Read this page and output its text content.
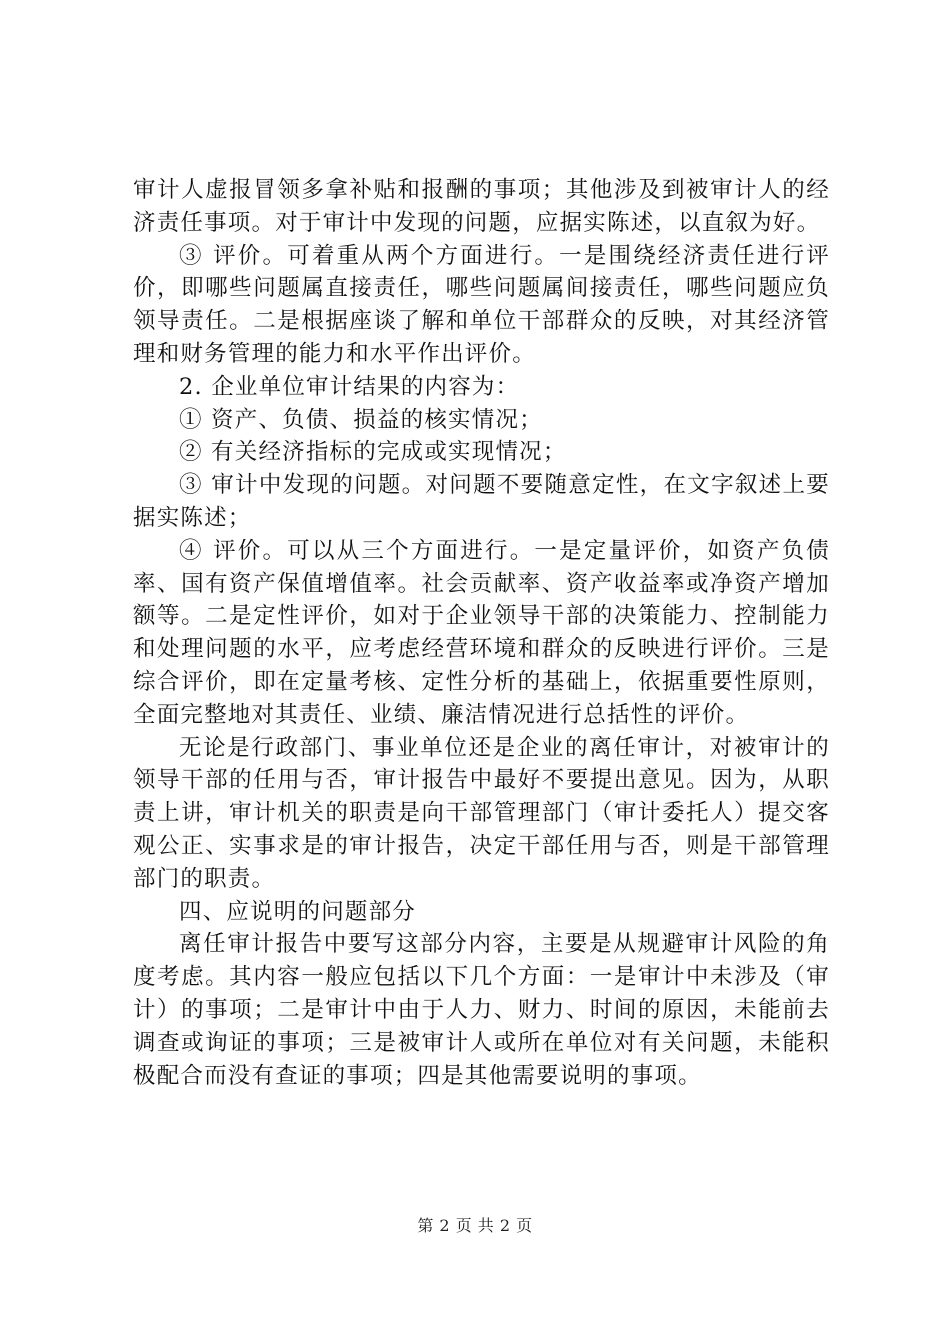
审计人虚报冒领多拿补贴和报酬的事项；其他涉及到被审计人的经济责任事项。对于审计中发现的问题，应据实陈述，以直叙为好。

③ 评价。可着重从两个方面进行。一是围绕经济责任进行评价，即哪些问题属直接责任，哪些问题属间接责任，哪些问题应负领导责任。二是根据座谈了解和单位干部群众的反映，对其经济管理和财务管理的能力和水平作出评价。

2. 企业单位审计结果的内容为：

① 资产、负债、损益的核实情况；

② 有关经济指标的完成或实现情况；

③ 审计中发现的问题。对问题不要随意定性，在文字叙述上要据实陈述；

④ 评价。可以从三个方面进行。一是定量评价，如资产负债率、国有资产保值增值率。社会贡献率、资产收益率或净资产增加额等。二是定性评价，如对于企业领导干部的决策能力、控制能力和处理问题的水平，应考虑经营环境和群众的反映进行评价。三是综合评价，即在定量考核、定性分析的基础上，依据重要性原则，全面完整地对其责任、业绩、廉洁情况进行总括性的评价。

无论是行政部门、事业单位还是企业的离任审计，对被审计的领导干部的任用与否，审计报告中最好不要提出意见。因为，从职责上讲，审计机关的职责是向干部管理部门（审计委托人）提交客观公正、实事求是的审计报告，决定干部任用与否，则是干部管理部门的职责。

四、应说明的问题部分

离任审计报告中要写这部分内容，主要是从规避审计风险的角度考虑。其内容一般应包括以下几个方面：一是审计中未涉及（审计）的事项；二是审计中由于人力、财力、时间的原因，未能前去调查或询证的事项；三是被审计人或所在单位对有关问题，未能积极配合而没有查证的事项；四是其他需要说明的事项。

第 2 页 共 2 页
